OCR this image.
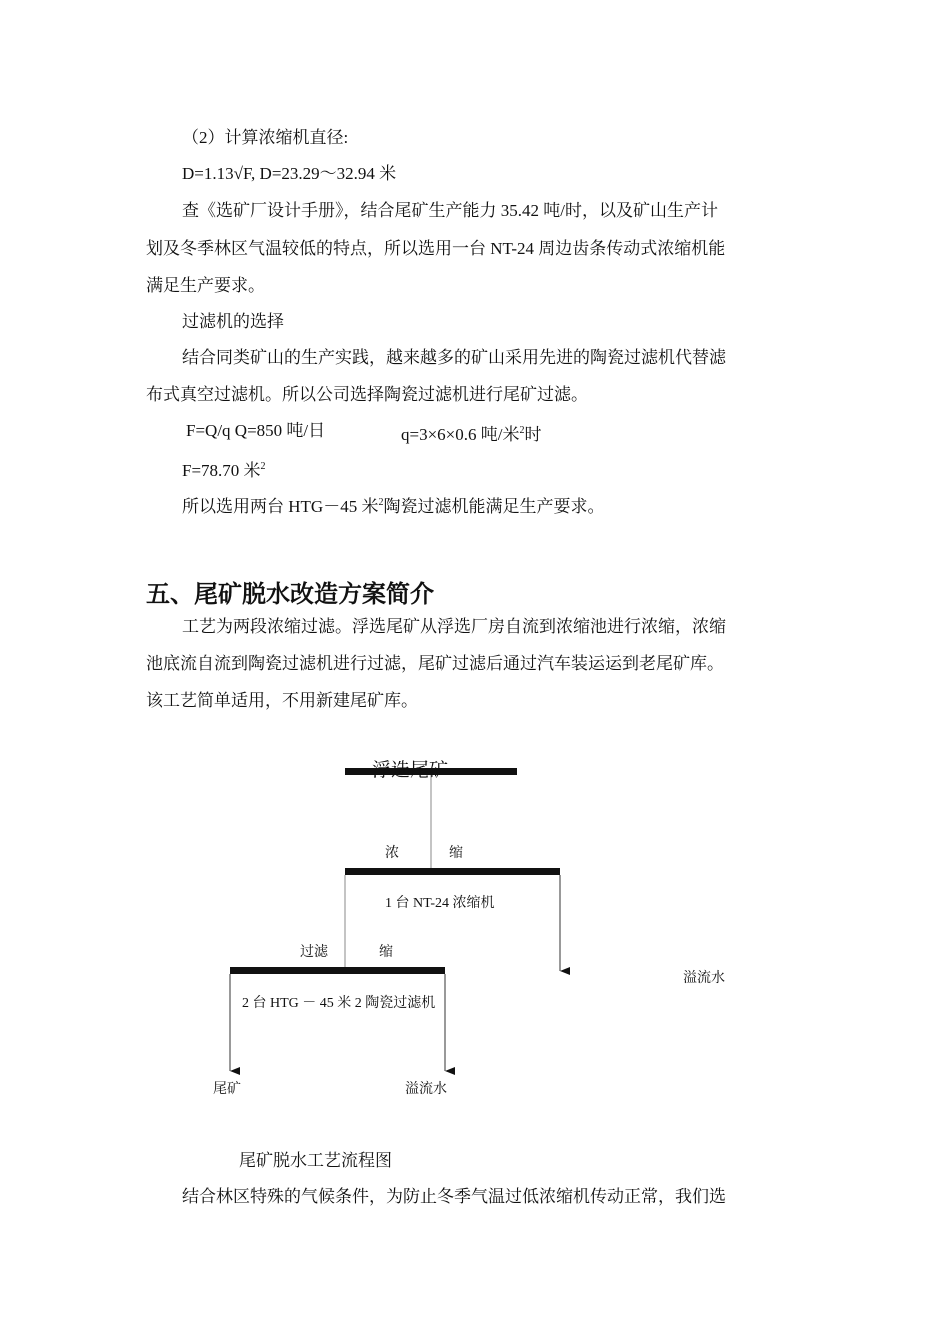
（2）计算浓缩机直径:
D=1.13√F, D=23.29～32.94 米
查《选矿厂设计手册》，结合尾矿生产能力 35.42 吨/时，以及矿山生产计
划及冬季林区气温较低的特点，所以选用一台 NT-24 周边齿条传动式浓缩机能
满足生产要求。
过滤机的选择
结合同类矿山的生产实践，越来越多的矿山采用先进的陶瓷过滤机代替滤
布式真空过滤机。所以公司选择陶瓷过滤机进行尾矿过滤。
F=Q/q Q=850 吨/日	q=3×6×0.6 吨/米$^2$时
F=78.70 米$^2$
所以选用两台 HTG－45 米$^2$陶瓷过滤机能满足生产要求。
五、尾矿脱水改造方案简介
工艺为两段浓缩过滤。浮选尾矿从浮选厂房自流到浓缩池进行浓缩，浓缩
池底流自流到陶瓷过滤机进行过滤，尾矿过滤后通过汽车装运运到老尾矿库。
该工艺简单适用，不用新建尾矿库。
浮选尾矿
浓	缩
1 台 NT-24 浓缩机
过滤	缩
2 台 HTG － 45 米 2 陶瓷过滤机
溢流水
尾矿	溢流水
尾矿脱水工艺流程图
结合林区特殊的气候条件，为防止冬季气温过低浓缩机传动正常，我们选
